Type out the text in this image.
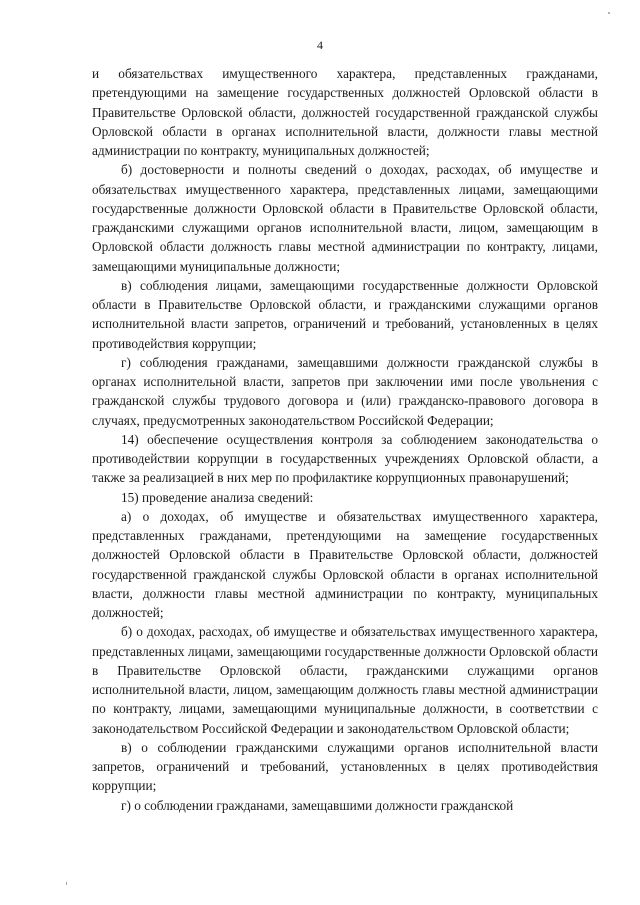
4

и обязательствах имущественного характера, представленных гражданами, претендующими на замещение государственных должностей Орловской области в Правительстве Орловской области, должностей государственной гражданской службы Орловской области в органах исполнительной власти, должности главы местной администрации по контракту, муниципальных должностей;

б) достоверности и полноты сведений о доходах, расходах, об имуществе и обязательствах имущественного характера, представленных лицами, замещающими государственные должности Орловской области в Правительстве Орловской области, гражданскими служащими органов исполнительной власти, лицом, замещающим в Орловской области должность главы местной администрации по контракту, лицами, замещающими муниципальные должности;

в) соблюдения лицами, замещающими государственные должности Орловской области в Правительстве Орловской области, и гражданскими служащими органов исполнительной власти запретов, ограничений и требований, установленных в целях противодействия коррупции;

г) соблюдения гражданами, замещавшими должности гражданской службы в органах исполнительной власти, запретов при заключении ими после увольнения с гражданской службы трудового договора и (или) гражданско-правового договора в случаях, предусмотренных законодательством Российской Федерации;

14) обеспечение осуществления контроля за соблюдением законодательства о противодействии коррупции в государственных учреждениях Орловской области, а также за реализацией в них мер по профилактике коррупционных правонарушений;

15) проведение анализа сведений:

а) о доходах, об имуществе и обязательствах имущественного характера, представленных гражданами, претендующими на замещение государственных должностей Орловской области в Правительстве Орловской области, должностей государственной гражданской службы Орловской области в органах исполнительной власти, должности главы местной администрации по контракту, муниципальных должностей;

б) о доходах, расходах, об имуществе и обязательствах имущественного характера, представленных лицами, замещающими государственные должности Орловской области в Правительстве Орловской области, гражданскими служащими органов исполнительной власти, лицом, замещающим должность главы местной администрации по контракту, лицами, замещающими муниципальные должности, в соответствии с законодательством Российской Федерации и законодательством Орловской области;

в) о соблюдении гражданскими служащими органов исполнительной власти запретов, ограничений и требований, установленных в целях противодействия коррупции;

г) о соблюдении гражданами, замещавшими должности гражданской
